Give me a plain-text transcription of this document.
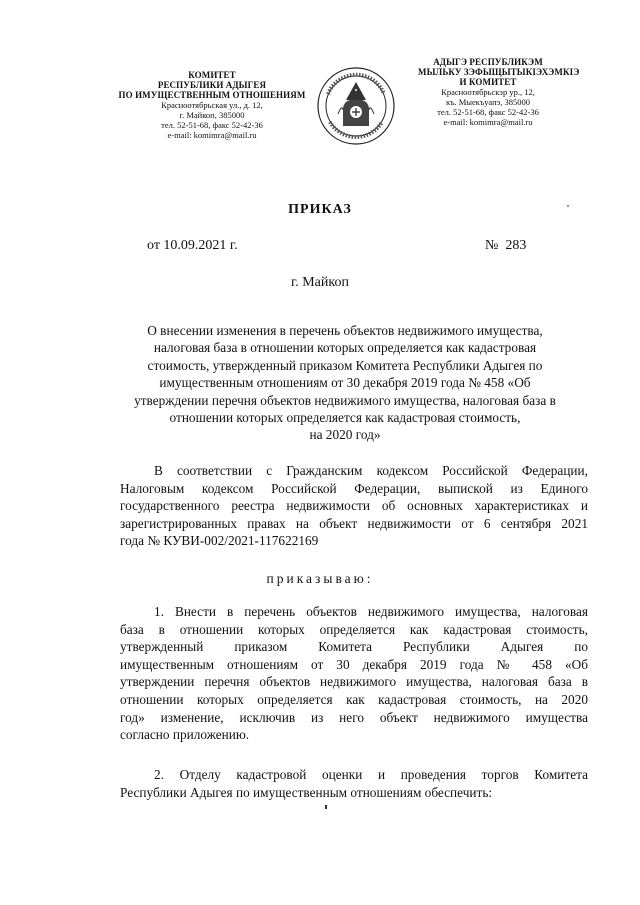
КОМИТЕТ
РЕСПУБЛИКИ АДЫГЕЯ
ПО ИМУЩЕСТВЕННЫМ ОТНОШЕНИЯМ
Красноотябрьская ул., д. 12,
г. Майкоп, 385000
тел. 52-51-68, факс 52-42-36
e-mail: komimra@mail.ru
АДЫГЭ РЕСПУБЛИКЭМ
МЫЛЬКУ ЗЭФЫЩЫТЫКIЭХЭМКIЭ
И КОМИТЕТ
Красноотябрьскэр ур., 12,
къ. Мыекъуапэ, 385000
тел. 52-51-68, факс 52-42-36
e-mail: komimra@mail.ru
ПРИКАЗ
от 10.09.2021 г.	№  283
г. Майкоп
О внесении изменения в перечень объектов недвижимого имущества,
налоговая база в отношении которых определяется как кадастровая
стоимость, утвержденный приказом Комитета Республики Адыгея по
имущественным отношениям от 30 декабря 2019 года № 458 «Об
утверждении перечня объектов недвижимого имущества, налоговая база в
отношении которых определяется как кадастровая стоимость,
на 2020 год»
В соответствии с Гражданским кодексом Российской Федерации,
Налоговым кодексом Российской Федерации, выпиской из Единого
государственного реестра недвижимости об основных характеристиках и
зарегистрированных правах на объект недвижимости от 6 сентября 2021
года № КУВИ-002/2021-117622169
приказываю:
1. Внести в перечень объектов недвижимого имущества, налоговая
база в отношении которых определяется как кадастровая стоимость,
утвержденный приказом Комитета Республики Адыгея по
имущественным отношениям от 30 декабря 2019 года № 458 «Об
утверждении перечня объектов недвижимого имущества, налоговая база в
отношении которых определяется как кадастровая стоимость, на 2020
год» изменение, исключив из него объект недвижимого имущества
согласно приложению.
2. Отделу кадастровой оценки и проведения торгов Комитета
Республики Адыгея по имущественным отношениям обеспечить:
